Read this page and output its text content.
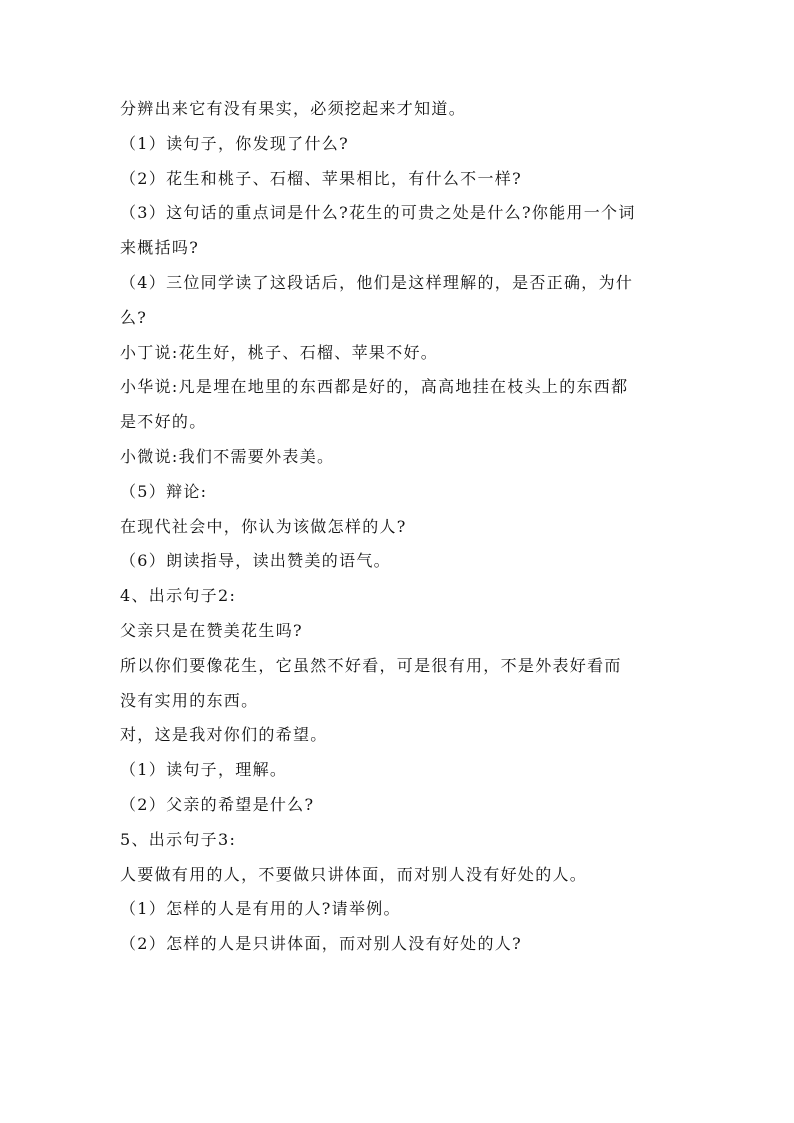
分辨出来它有没有果实，必须挖起来才知道。
（1）读句子，你发现了什么?
（2）花生和桃子、石榴、苹果相比，有什么不一样?
（3）这句话的重点词是什么?花生的可贵之处是什么?你能用一个词
来概括吗?
（4）三位同学读了这段话后，他们是这样理解的，是否正确，为什
么?
小丁说:花生好，桃子、石榴、苹果不好。
小华说:凡是埋在地里的东西都是好的，高高地挂在枝头上的东西都
是不好的。
小微说:我们不需要外表美。
（5）辩论:
在现代社会中，你认为该做怎样的人?
（6）朗读指导，读出赞美的语气。
4、出示句子2:
父亲只是在赞美花生吗?
所以你们要像花生，它虽然不好看，可是很有用，不是外表好看而
没有实用的东西。
对，这是我对你们的希望。
（1）读句子，理解。
（2）父亲的希望是什么?
5、出示句子3:
人要做有用的人，不要做只讲体面，而对别人没有好处的人。
（1）怎样的人是有用的人?请举例。
（2）怎样的人是只讲体面，而对别人没有好处的人?
